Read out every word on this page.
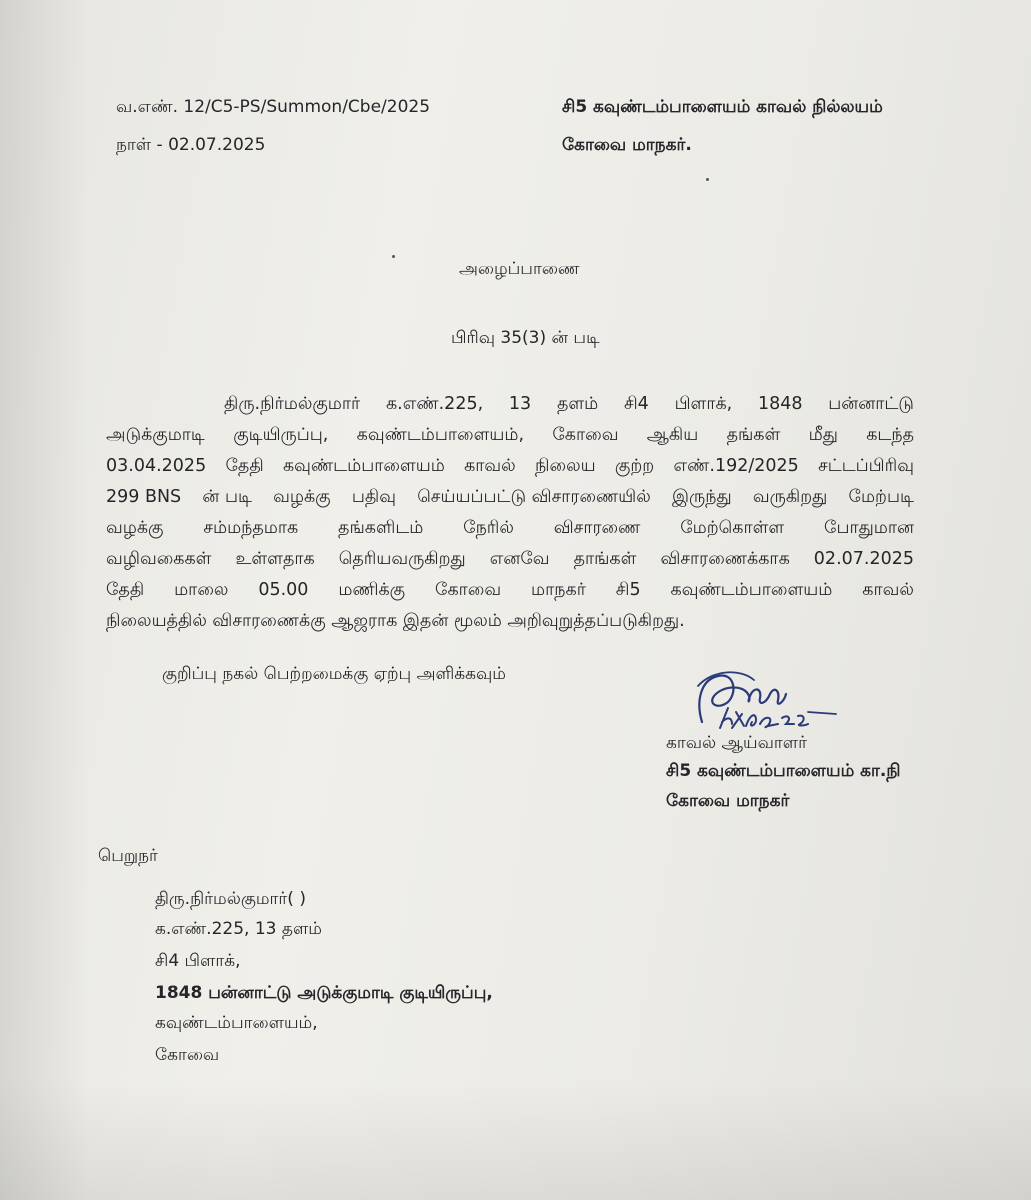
வ.எண். 12/C5-PS/Summon/Cbe/2025
நாள் - 02.07.2025
சி5 கவுண்டம்பாளையம் காவல் நில்லயம்
கோவை மாநகர்.
அழைப்பாணை
பிரிவு 35(3) ன் படி
திரு.நிர்மல்குமார் க.எண்.225, 13 தளம் சி4 பிளாக், 1848 பன்னாட்டு
அடுக்குமாடி குடியிருப்பு, கவுண்டம்பாளையம், கோவை ஆகிய தங்கள் மீது கடந்த
03.04.2025 தேதி கவுண்டம்பாளையம் காவல் நிலைய குற்ற எண்.192/2025 சட்டப்பிரிவு
299 BNS ன் படி வழக்கு பதிவு செய்யப்பட்டு விசாரணையில் இருந்து வருகிறது மேற்படி
வழக்கு சம்மந்தமாக தங்களிடம் நேரில் விசாரணை மேற்கொள்ள போதுமான
வழிவகைகள் உள்ளதாக தெரியவருகிறது எனவே தாங்கள் விசாரணைக்காக 02.07.2025
தேதி மாலை 05.00 மணிக்கு கோவை மாநகர் சி5 கவுண்டம்பாளையம் காவல்
நிலையத்தில் விசாரணைக்கு ஆஜராக இதன் மூலம் அறிவுறுத்தப்படுகிறது.
குறிப்பு நகல் பெற்றமைக்கு ஏற்பு அளிக்கவும்
காவல் ஆய்வாளர்
சி5 கவுண்டம்பாளையம் கா.நி
கோவை மாநகர்
பெறுநர்
திரு.நிர்மல்குமார்( )
க.எண்.225, 13 தளம்
சி4 பிளாக்,
1848 பன்னாட்டு அடுக்குமாடி குடியிருப்பு,
கவுண்டம்பாளையம்,
கோவை
